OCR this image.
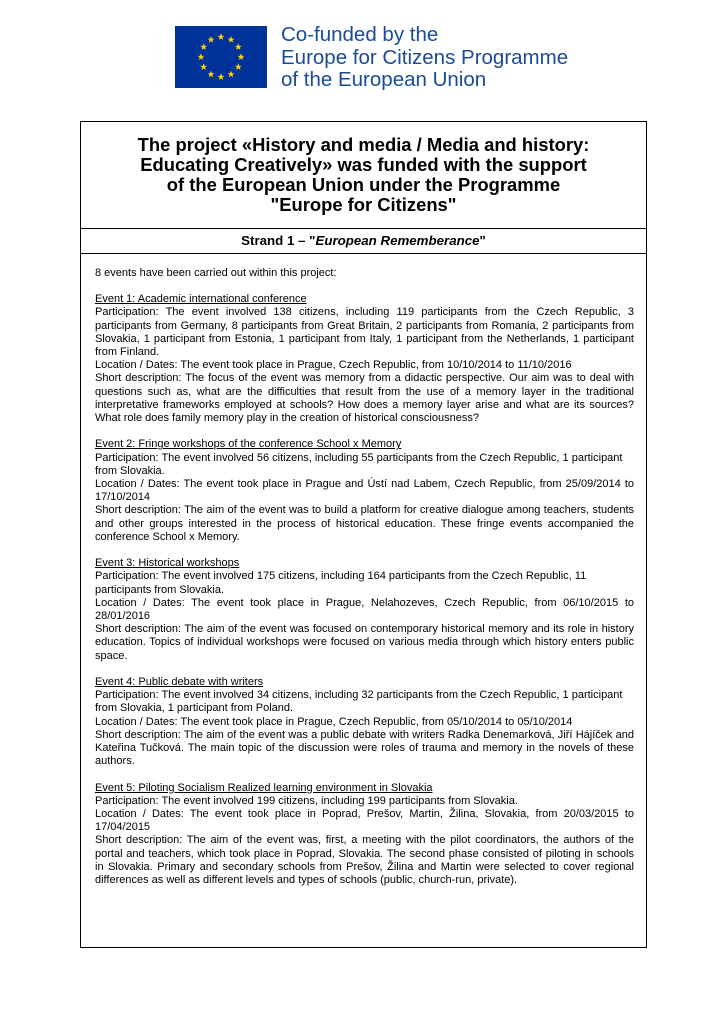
Co-funded by the
Europe for Citizens Programme
of the European Union
The project «History and media / Media and history:
Educating Creatively» was funded with the support
of the European Union under the Programme
"Europe for Citizens"
Strand 1 – "European Rememberance"

8 events have been carried out within this project:

Event 1: Academic international conference

Participation: The event involved 138 citizens, including 119 participants from the Czech Republic, 3 participants from Germany, 8 participants from Great Britain, 2 participants from Romania, 2 participants from Slovakia, 1 participant from Estonia, 1 participant from Italy, 1 participant from the Netherlands, 1 participant from Finland.

Location / Dates: The event took place in Prague, Czech Republic, from 10/10/2014 to 11/10/2016

Short description: The focus of the event was memory from a didactic perspective. Our aim was to deal with questions such as, what are the difficulties that result from the use of a memory layer in the traditional interpretative frameworks employed at schools? How does a memory layer arise and what are its sources? What role does family memory play in the creation of historical consciousness?

Event 2: Fringe workshops of the conference School x Memory

Participation: The event involved 56 citizens, including 55 participants from the Czech Republic, 1 participant from Slovakia.

Location / Dates: The event took place in Prague and Ústí nad Labem, Czech Republic, from 25/09/2014 to 17/10/2014

Short description: The aim of the event was to build a platform for creative dialogue among teachers, students and other groups interested in the process of historical education. These fringe events accompanied the conference School x Memory.

Event 3: Historical workshops

Participation: The event involved 175 citizens, including 164 participants from the Czech Republic, 11 participants from Slovakia.

Location / Dates: The event took place in Prague, Nelahozeves, Czech Republic, from 06/10/2015 to 28/01/2016

Short description: The aim of the event was focused on contemporary historical memory and its role in history education. Topics of individual workshops were focused on various media through which history enters public space.

Event 4: Public debate with writers

Participation: The event involved 34 citizens, including 32 participants from the Czech Republic, 1 participant from Slovakia, 1 participant from Poland.

Location / Dates: The event took place in Prague, Czech Republic, from 05/10/2014 to 05/10/2014

Short description: The aim of the event was a public debate with writers Radka Denemarková, Jiří Hájíček and Kateřina Tučková. The main topic of the discussion were roles of trauma and memory in the novels of these authors.

Event 5: Piloting Socialism Realized learning environment in Slovakia

Participation: The event involved 199 citizens, including 199 participants from Slovakia.

Location / Dates: The event took place in Poprad, Prešov, Martin, Žilina, Slovakia, from 20/03/2015 to 17/04/2015

Short description: The aim of the event was, first, a meeting with the pilot coordinators, the authors of the portal and teachers, which took place in Poprad, Slovakia. The second phase consisted of piloting in schools in Slovakia. Primary and secondary schools from Prešov, Žilina and Martin were selected to cover regional differences as well as different levels and types of schools (public, church-run, private).
